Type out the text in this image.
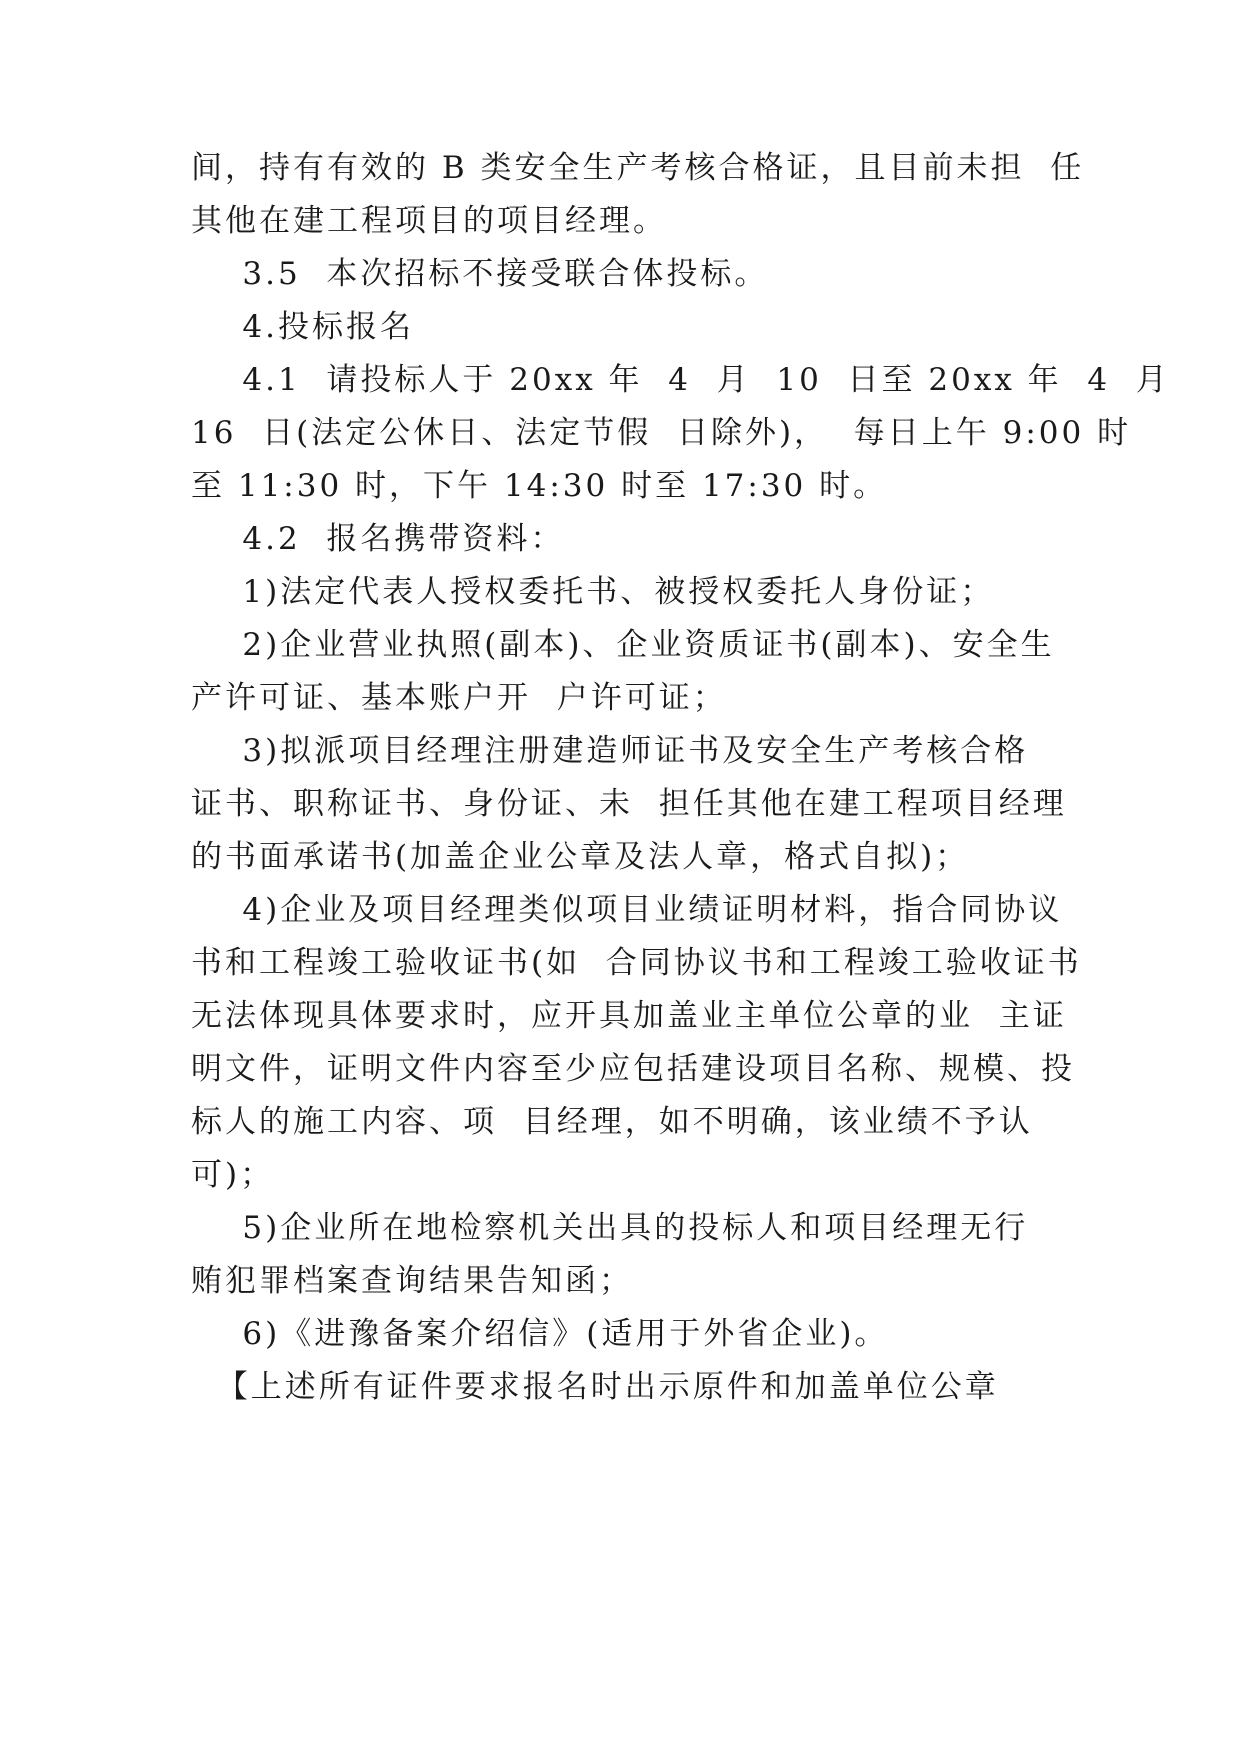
间，持有有效的 B 类安全生产考核合格证，且目前未担  任
其他在建工程项目的项目经理。
3.5  本次招标不接受联合体投标。
4.投标报名
4.1  请投标人于 20xx 年  4  月  10  日至 20xx 年  4  月
16  日(法定公休日、法定节假  日除外)，  每日上午 9:00 时
至 11:30 时，下午 14:30 时至 17:30 时。
4.2  报名携带资料：
1)法定代表人授权委托书、被授权委托人身份证；
2)企业营业执照(副本)、企业资质证书(副本)、安全生
产许可证、基本账户开  户许可证；
3)拟派项目经理注册建造师证书及安全生产考核合格
证书、职称证书、身份证、未  担任其他在建工程项目经理
的书面承诺书(加盖企业公章及法人章，格式自拟)；
4)企业及项目经理类似项目业绩证明材料，指合同协议
书和工程竣工验收证书(如  合同协议书和工程竣工验收证书
无法体现具体要求时，应开具加盖业主单位公章的业  主证
明文件，证明文件内容至少应包括建设项目名称、规模、投
标人的施工内容、项  目经理，如不明确，该业绩不予认
可)；
5)企业所在地检察机关出具的投标人和项目经理无行
贿犯罪档案查询结果告知函；
6)《进豫备案介绍信》(适用于外省企业)。
【上述所有证件要求报名时出示原件和加盖单位公章
